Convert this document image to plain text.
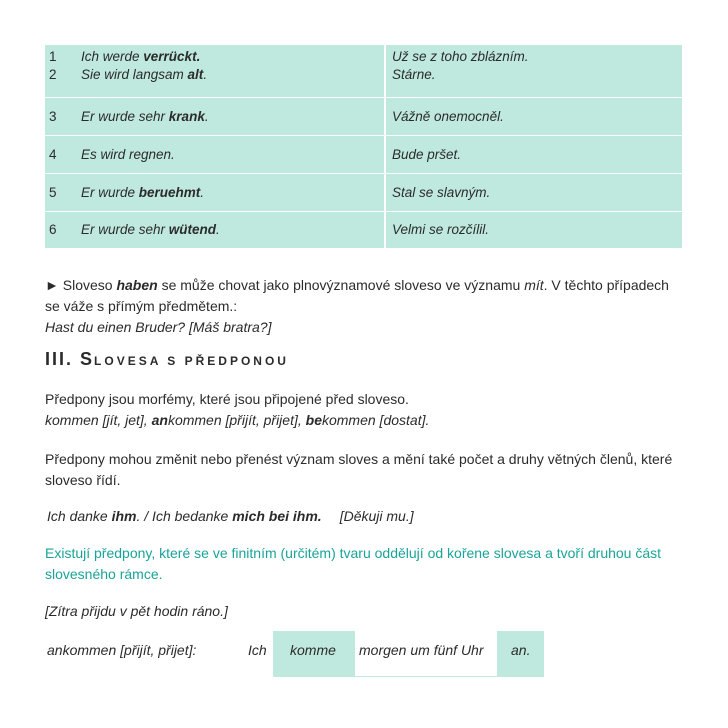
1	Ich werde verrückt.		Už se z toho zblázním.
2	Sie wird langsam alt.		Stárne.
3	Er wurde sehr krank.		Vážně onemocněl.
4	Es wird regnen.		Bude pršet.
5	Er wurde beruehmt.		Stal se slavným.
6	Er wurde sehr wütend.		Velmi se rozčílil.

► Sloveso haben se může chovat jako plnovýznamové sloveso ve významu mít. V těchto případech se váže s přímým předmětem.:
Hast du einen Bruder? [Máš bratra?]

III. SLOVESA S PŘEDPONOU

Předpony jsou morfémy, které jsou připojené před sloveso.
kommen [jít, jet], ankommen [přijít, přijet], bekommen [dostat].

Předpony mohou změnit nebo přenést význam sloves a mění také počet a druhy větných členů, které sloveso řídí.

Ich danke ihm. / Ich bedanke mich bei ihm. [Děkuji mu.]

Existují předpony, které se ve finitním (určitém) tvaru oddělují od kořene slovesa a tvoří druhou část slovesného rámce.

[Zítra přijdu v pět hodin ráno.]

ankommen [přijít, přijet]:	Ich komme morgen um fünf Uhr an.
